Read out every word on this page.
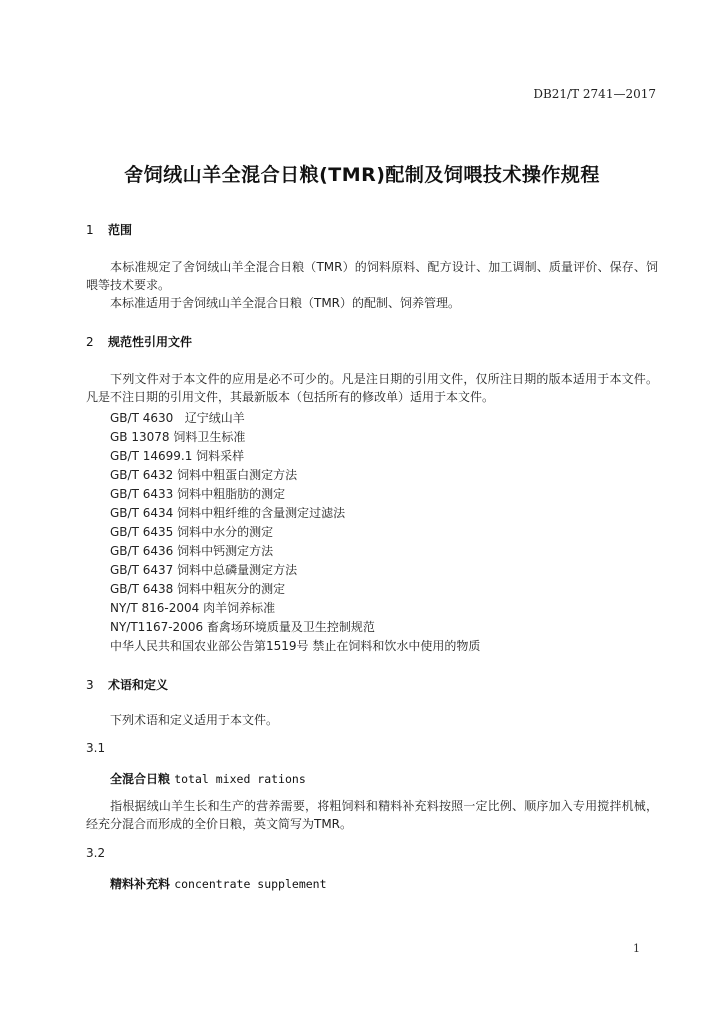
DB21/T 2741—2017
舍饲绒山羊全混合日粮(TMR)配制及饲喂技术操作规程
1 范围
本标准规定了舍饲绒山羊全混合日粮（TMR）的饲料原料、配方设计、加工调制、质量评价、保存、饲喂等技术要求。
本标准适用于舍饲绒山羊全混合日粮（TMR）的配制、饲养管理。
2 规范性引用文件
下列文件对于本文件的应用是必不可少的。凡是注日期的引用文件，仅所注日期的版本适用于本文件。凡是不注日期的引用文件，其最新版本（包括所有的修改单）适用于本文件。
GB/T 4630   辽宁绒山羊
GB 13078 饲料卫生标准
GB/T 14699.1 饲料采样
GB/T 6432 饲料中粗蛋白测定方法
GB/T 6433 饲料中粗脂肪的测定
GB/T 6434 饲料中粗纤维的含量测定过滤法
GB/T 6435 饲料中水分的测定
GB/T 6436 饲料中钙测定方法
GB/T 6437 饲料中总磷量测定方法
GB/T 6438 饲料中粗灰分的测定
NY/T 816-2004 肉羊饲养标准
NY/T1167-2006 畜禽场环境质量及卫生控制规范
中华人民共和国农业部公告第1519号 禁止在饲料和饮水中使用的物质
3 术语和定义
下列术语和定义适用于本文件。
3.1
全混合日粮 total mixed rations
指根据绒山羊生长和生产的营养需要，将粗饲料和精料补充料按照一定比例、顺序加入专用搅拌机械，经充分混合而形成的全价日粮，英文简写为TMR。
3.2
精料补充料 concentrate supplement
1
